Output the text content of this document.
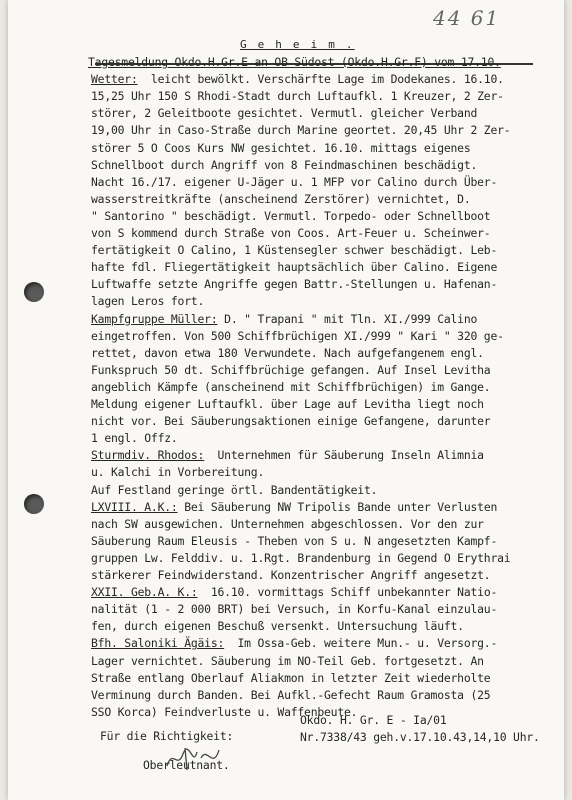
44 61
G e h e i m .
Tagesmeldung Okdo.H.Gr.E an OB Südost (Okdo.H.Gr.F) vom 17.10.
Wetter:  leicht bewölkt. Verschärfte Lage im Dodekanes. 16.10.
15,25 Uhr 150 S Rhodi-Stadt durch Luftaufkl. 1 Kreuzer, 2 Zer-
störer, 2 Geleitboote gesichtet. Vermutl. gleicher Verband
19,00 Uhr in Caso-Straße durch Marine geortet. 20,45 Uhr 2 Zer-
störer 5 O Coos Kurs NW gesichtet. 16.10. mittags eigenes
Schnellboot durch Angriff von 8 Feindmaschinen beschädigt.
Nacht 16./17. eigener U-Jäger u. 1 MFP vor Calino durch Über-
wasserstreitkräfte (anscheinend Zerstörer) vernichtet, D.
" Santorino " beschädigt. Vermutl. Torpedo- oder Schnellboot
von S kommend durch Straße von Coos. Art-Feuer u. Scheinwer-
fertätigkeit O Calino, 1 Küstensegler schwer beschädigt. Leb-
hafte fdl. Fliegertätigkeit hauptsächlich über Calino. Eigene
Luftwaffe setzte Angriffe gegen Battr.-Stellungen u. Hafenan-
lagen Leros fort.
Kampfgruppe Müller: D. " Trapani " mit Tln. XI./999 Calino
eingetroffen. Von 500 Schiffbrüchigen XI./999 " Kari " 320 ge-
rettet, davon etwa 180 Verwundete. Nach aufgefangenem engl.
Funkspruch 50 dt. Schiffbrüchige gefangen. Auf Insel Levitha
angeblich Kämpfe (anscheinend mit Schiffbrüchigen) im Gange.
Meldung eigener Luftaufkl. über Lage auf Levitha liegt noch
nicht vor. Bei Säuberungsaktionen einige Gefangene, darunter
1 engl. Offz.
Sturmdiv. Rhodos:  Unternehmen für Säuberung Inseln Alimnia
u. Kalchi in Vorbereitung.
Auf Festland geringe örtl. Bandentätigkeit.
LXVIII. A.K.: Bei Säuberung NW Tripolis Bande unter Verlusten
nach SW ausgewichen. Unternehmen abgeschlossen. Vor den zur
Säuberung Raum Eleusis - Theben von S u. N angesetzten Kampf-
gruppen Lw. Felddiv. u. 1.Rgt. Brandenburg in Gegend O Erythrai
stärkerer Feindwiderstand. Konzentrischer Angriff angesetzt.
XXII. Geb.A. K.:  16.10. vormittags Schiff unbekannter Natio-
nalität (1 - 2 000 BRT) bei Versuch, in Korfu-Kanal einzulau-
fen, durch eigenen Beschuß versenkt. Untersuchung läuft.
Bfh. Saloniki Ägäis:  Im Ossa-Geb. weitere Mun.- u. Versorg.-
Lager vernichtet. Säuberung im NO-Teil Geb. fortgesetzt. An
Straße entlang Oberlauf Aliakmon in letzter Zeit wiederholte
Verminung durch Banden. Bei Aufkl.-Gefecht Raum Gramosta (25
SSO Korca) Feindverluste u. Waffenbeute.
Für die Richtigkeit:
Okdo. H. Gr. E - Ia/01
Nr.7338/43 geh.v.17.10.43,14,10 Uhr.
Oberleutnant.
